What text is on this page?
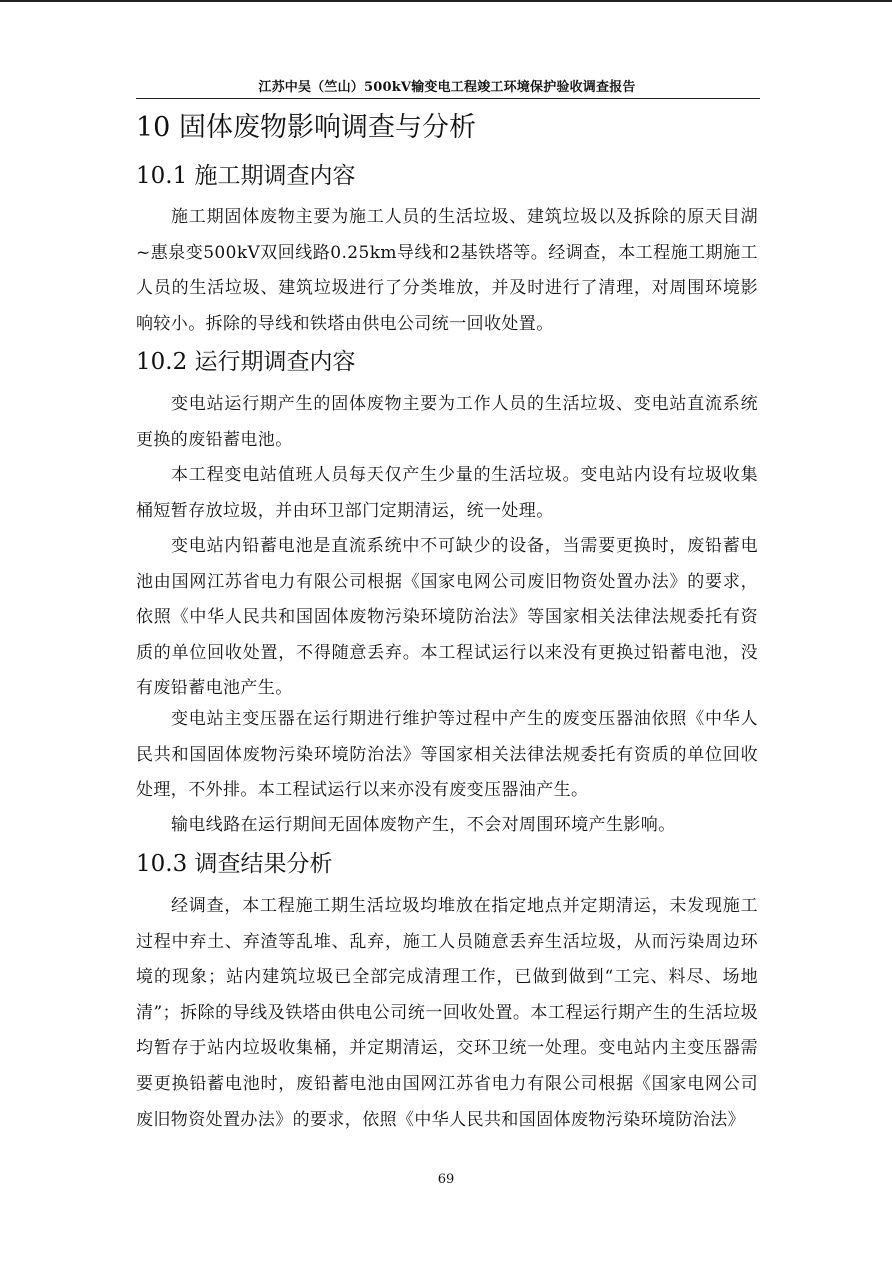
江苏中吴（竺山）500kV输变电工程竣工环境保护验收调查报告
10 固体废物影响调查与分析
10.1 施工期调查内容
施工期固体废物主要为施工人员的生活垃圾、建筑垃圾以及拆除的原天目湖~惠泉变500kV双回线路0.25km导线和2基铁塔等。经调查，本工程施工期施工人员的生活垃圾、建筑垃圾进行了分类堆放，并及时进行了清理，对周围环境影响较小。拆除的导线和铁塔由供电公司统一回收处置。
10.2 运行期调查内容
变电站运行期产生的固体废物主要为工作人员的生活垃圾、变电站直流系统更换的废铅蓄电池。
本工程变电站值班人员每天仅产生少量的生活垃圾。变电站内设有垃圾收集桶短暂存放垃圾，并由环卫部门定期清运，统一处理。
变电站内铅蓄电池是直流系统中不可缺少的设备，当需要更换时，废铅蓄电池由国网江苏省电力有限公司根据《国家电网公司废旧物资处置办法》的要求，依照《中华人民共和国固体废物污染环境防治法》等国家相关法律法规委托有资质的单位回收处置，不得随意丢弃。本工程试运行以来没有更换过铅蓄电池，没有废铅蓄电池产生。
变电站主变压器在运行期进行维护等过程中产生的废变压器油依照《中华人民共和国固体废物污染环境防治法》等国家相关法律法规委托有资质的单位回收处理，不外排。本工程试运行以来亦没有废变压器油产生。
输电线路在运行期间无固体废物产生，不会对周围环境产生影响。
10.3 调查结果分析
经调查，本工程施工期生活垃圾均堆放在指定地点并定期清运，未发现施工过程中弃土、弃渣等乱堆、乱弃，施工人员随意丢弃生活垃圾，从而污染周边环境的现象；站内建筑垃圾已全部完成清理工作，已做到做到“工完、料尽、场地清”；拆除的导线及铁塔由供电公司统一回收处置。本工程运行期产生的生活垃圾均暂存于站内垃圾收集桶，并定期清运，交环卫统一处理。变电站内主变压器需要更换铅蓄电池时，废铅蓄电池由国网江苏省电力有限公司根据《国家电网公司废旧物资处置办法》的要求，依照《中华人民共和国固体废物污染环境防治法》
69
